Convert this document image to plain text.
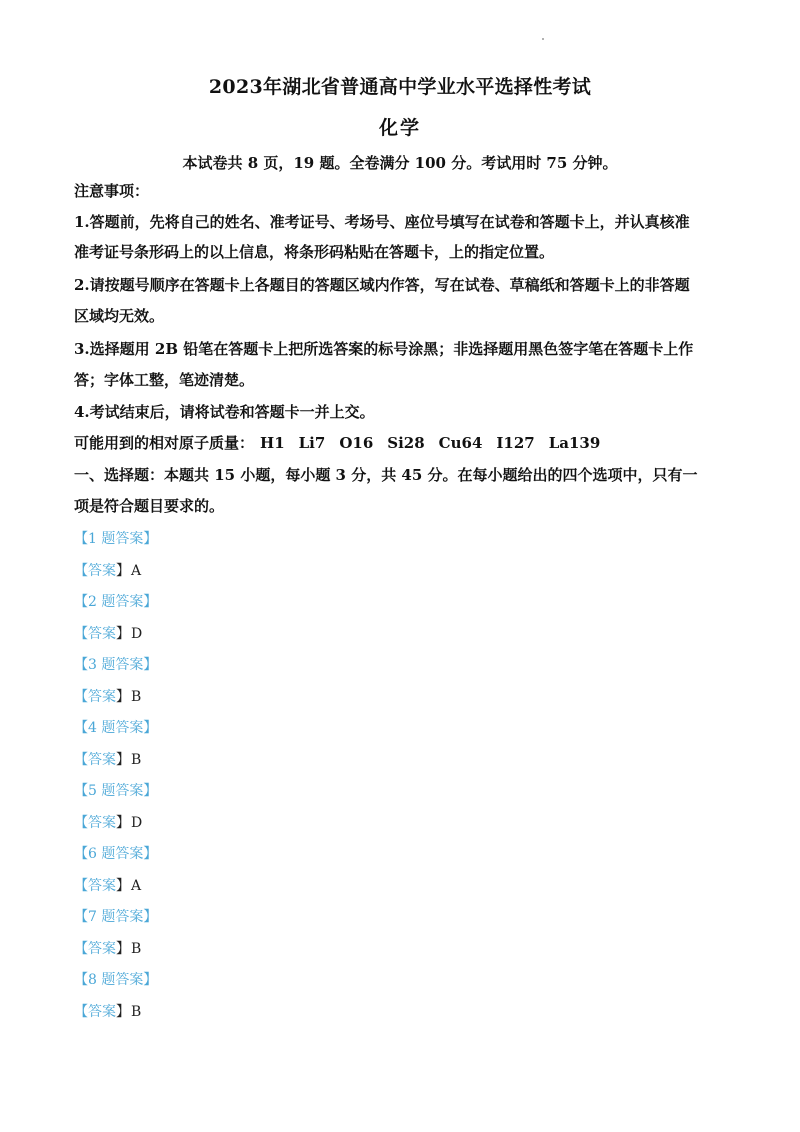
2023年湖北省普通高中学业水平选择性考试
化学
本试卷共 8 页，19 题。全卷满分 100 分。考试用时 75 分钟。
注意事项：
1.答题前，先将自己的姓名、准考证号、考场号、座位号填写在试卷和答题卡上，并认真核准
准考证号条形码上的以上信息，将条形码粘贴在答题卡，上的指定位置。
2.请按题号顺序在答题卡上各题目的答题区域内作答，写在试卷、草稿纸和答题卡上的非答题
区域均无效。
3.选择题用 2B 铅笔在答题卡上把所选答案的标号涂黑；非选择题用黑色签字笔在答题卡上作
答；字体工整，笔迹清楚。
4.考试结束后，请将试卷和答题卡一并上交。
可能用到的相对原子质量： H1 Li7 O16 Si28 Cu64 I127 La139
一、选择题：本题共 15 小题，每小题 3 分，共 45 分。在每小题给出的四个选项中，只有一
项是符合题目要求的。
【1 题答案】
【答案】A
【2 题答案】
【答案】D
【3 题答案】
【答案】B
【4 题答案】
【答案】B
【5 题答案】
【答案】D
【6 题答案】
【答案】A
【7 题答案】
【答案】B
【8 题答案】
【答案】B
